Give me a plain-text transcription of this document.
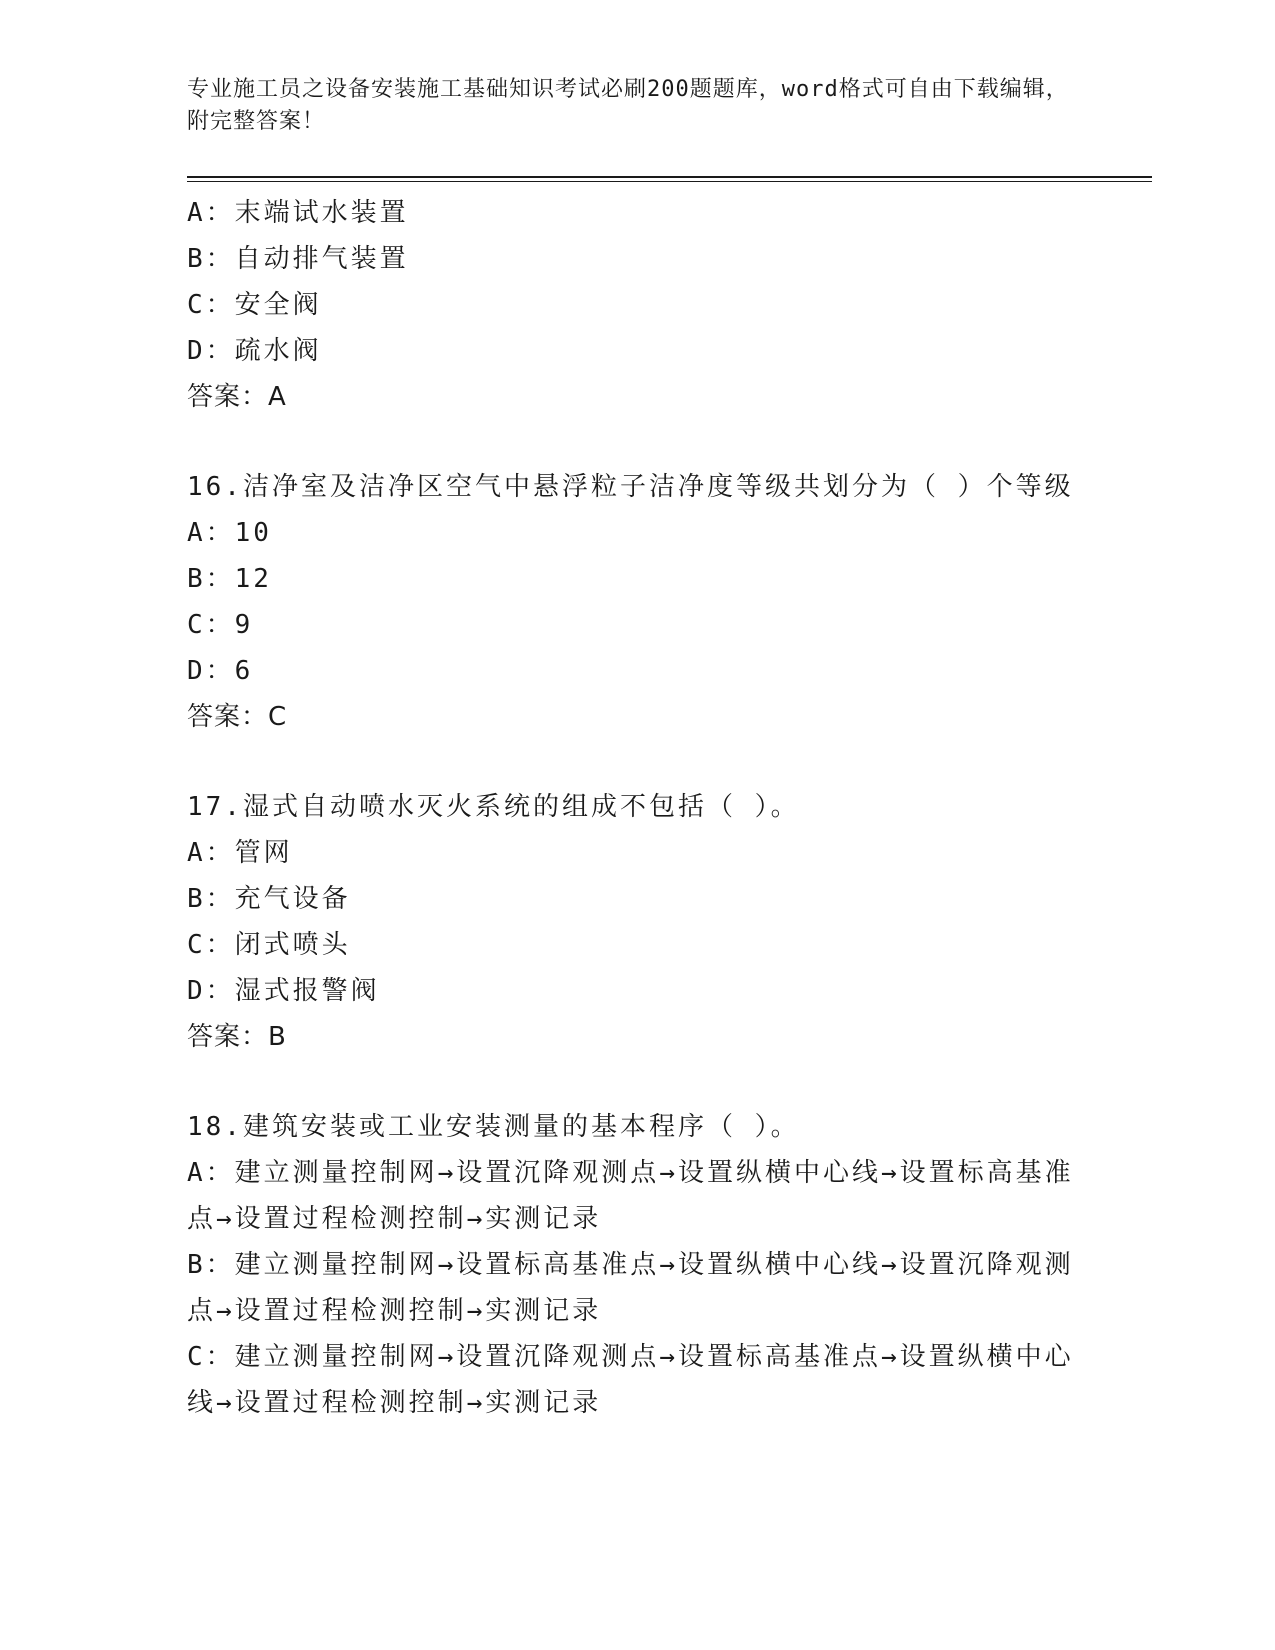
专业施工员之设备安装施工基础知识考试必刷200题题库，word格式可自由下载编辑，附完整答案！
A：末端试水装置
B：自动排气装置
C：安全阀
D：疏水阀
答案：A
16.洁净室及洁净区空气中悬浮粒子洁净度等级共划分为（ ）个等级
A：10
B：12
C：9
D：6
答案：C
17.湿式自动喷水灭火系统的组成不包括（ ）。
A：管网
B：充气设备
C：闭式喷头
D：湿式报警阀
答案：B
18.建筑安装或工业安装测量的基本程序（ ）。
A：建立测量控制网→设置沉降观测点→设置纵横中心线→设置标高基准点→设置过程检测控制→实测记录
B：建立测量控制网→设置标高基准点→设置纵横中心线→设置沉降观测点→设置过程检测控制→实测记录
C：建立测量控制网→设置沉降观测点→设置标高基准点→设置纵横中心线→设置过程检测控制→实测记录
